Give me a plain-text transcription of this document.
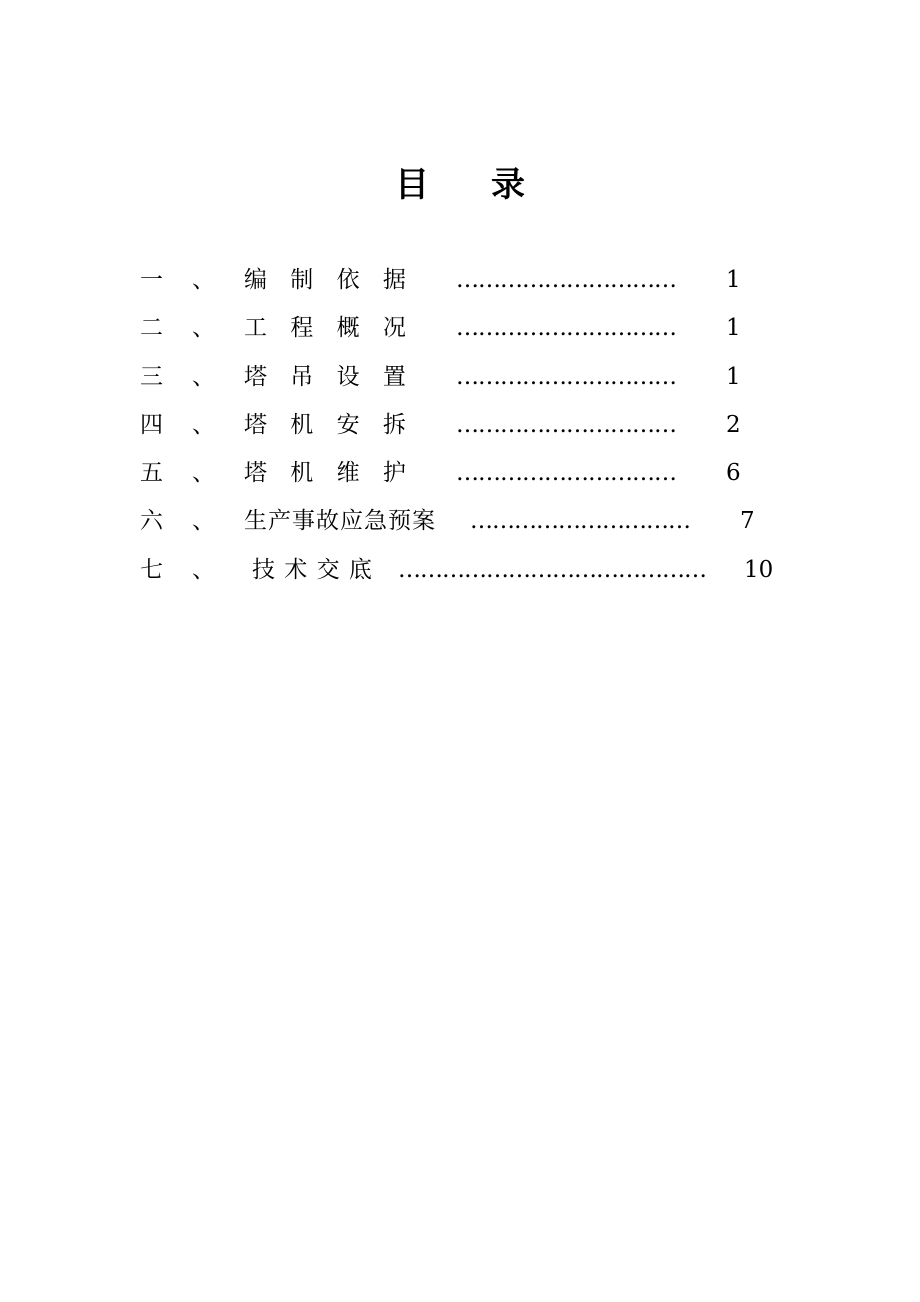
目 录
一	、	编 制 依 据 ………………………… 1
二	、	工 程 概 况 ………………………… 1
三	、	塔 吊 设 置 ………………………… 1
四	、	塔 机 安 拆 ………………………… 2
五	、	塔 机 维 护 ………………………… 6
六	、	生产事故应急预案 ………………………… 7
七	、	技 术 交 底 …………………………………… 10
